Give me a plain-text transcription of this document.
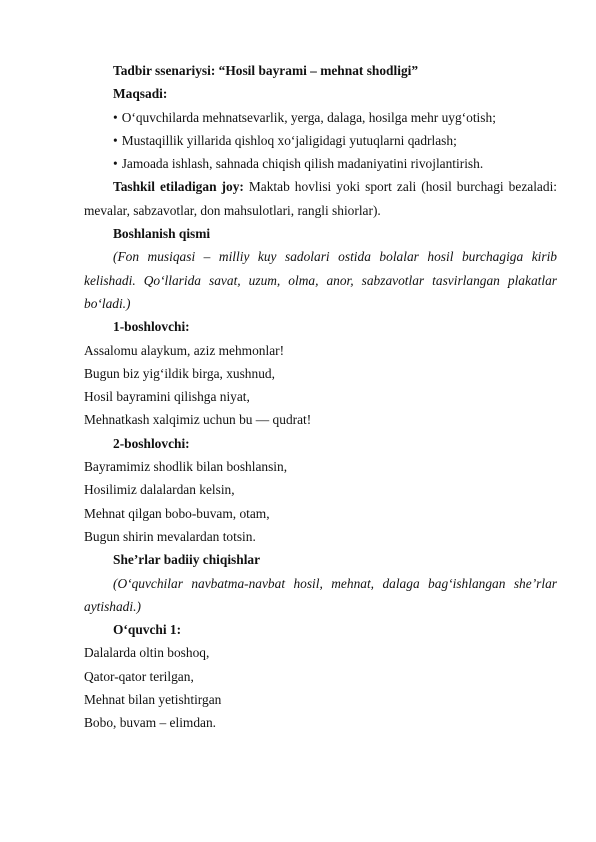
Tadbir ssenariysi: “Hosil bayrami – mehnat shodligi”

Maqsadi:

• O‘quvchilarda mehnatsevarlik, yerga, dalaga, hosilga mehr uyg‘otish;

• Mustaqillik yillarida qishloq xo‘jaligidagi yutuqlarni qadrlash;

• Jamoada ishlash, sahnada chiqish qilish madaniyatini rivojlantirish.

Tashkil etiladigan joy: Maktab hovlisi yoki sport zali (hosil burchagi bezaladi: mevalar, sabzavotlar, don mahsulotlari, rangli shiorlar).

Boshlanish qismi

(Fon musiqasi – milliy kuy sadolari ostida bolalar hosil burchagiga kirib kelishadi. Qo‘llarida savat, uzum, olma, anor, sabzavotlar tasvirlangan plakatlar bo‘ladi.)

1-boshlovchi:

Assalomu alaykum, aziz mehmonlar!

Bugun biz yig‘ildik birga, xushnud,

Hosil bayramini qilishga niyat,

Mehnatkash xalqimiz uchun bu — qudrat!

2-boshlovchi:

Bayramimiz shodlik bilan boshlansin,

Hosilimiz dalalardan kelsin,

Mehnat qilgan bobo-buvam, otam,

Bugun shirin mevalardan totsin.

She’rlar badiiy chiqishlar

(O‘quvchilar navbatma-navbat hosil, mehnat, dalaga bag‘ishlangan she’rlar aytishadi.)

O‘quvchi 1:

Dalalarda oltin boshoq,

Qator-qator terilgan,

Mehnat bilan yetishtirgan

Bobo, buvam – elimdan.
